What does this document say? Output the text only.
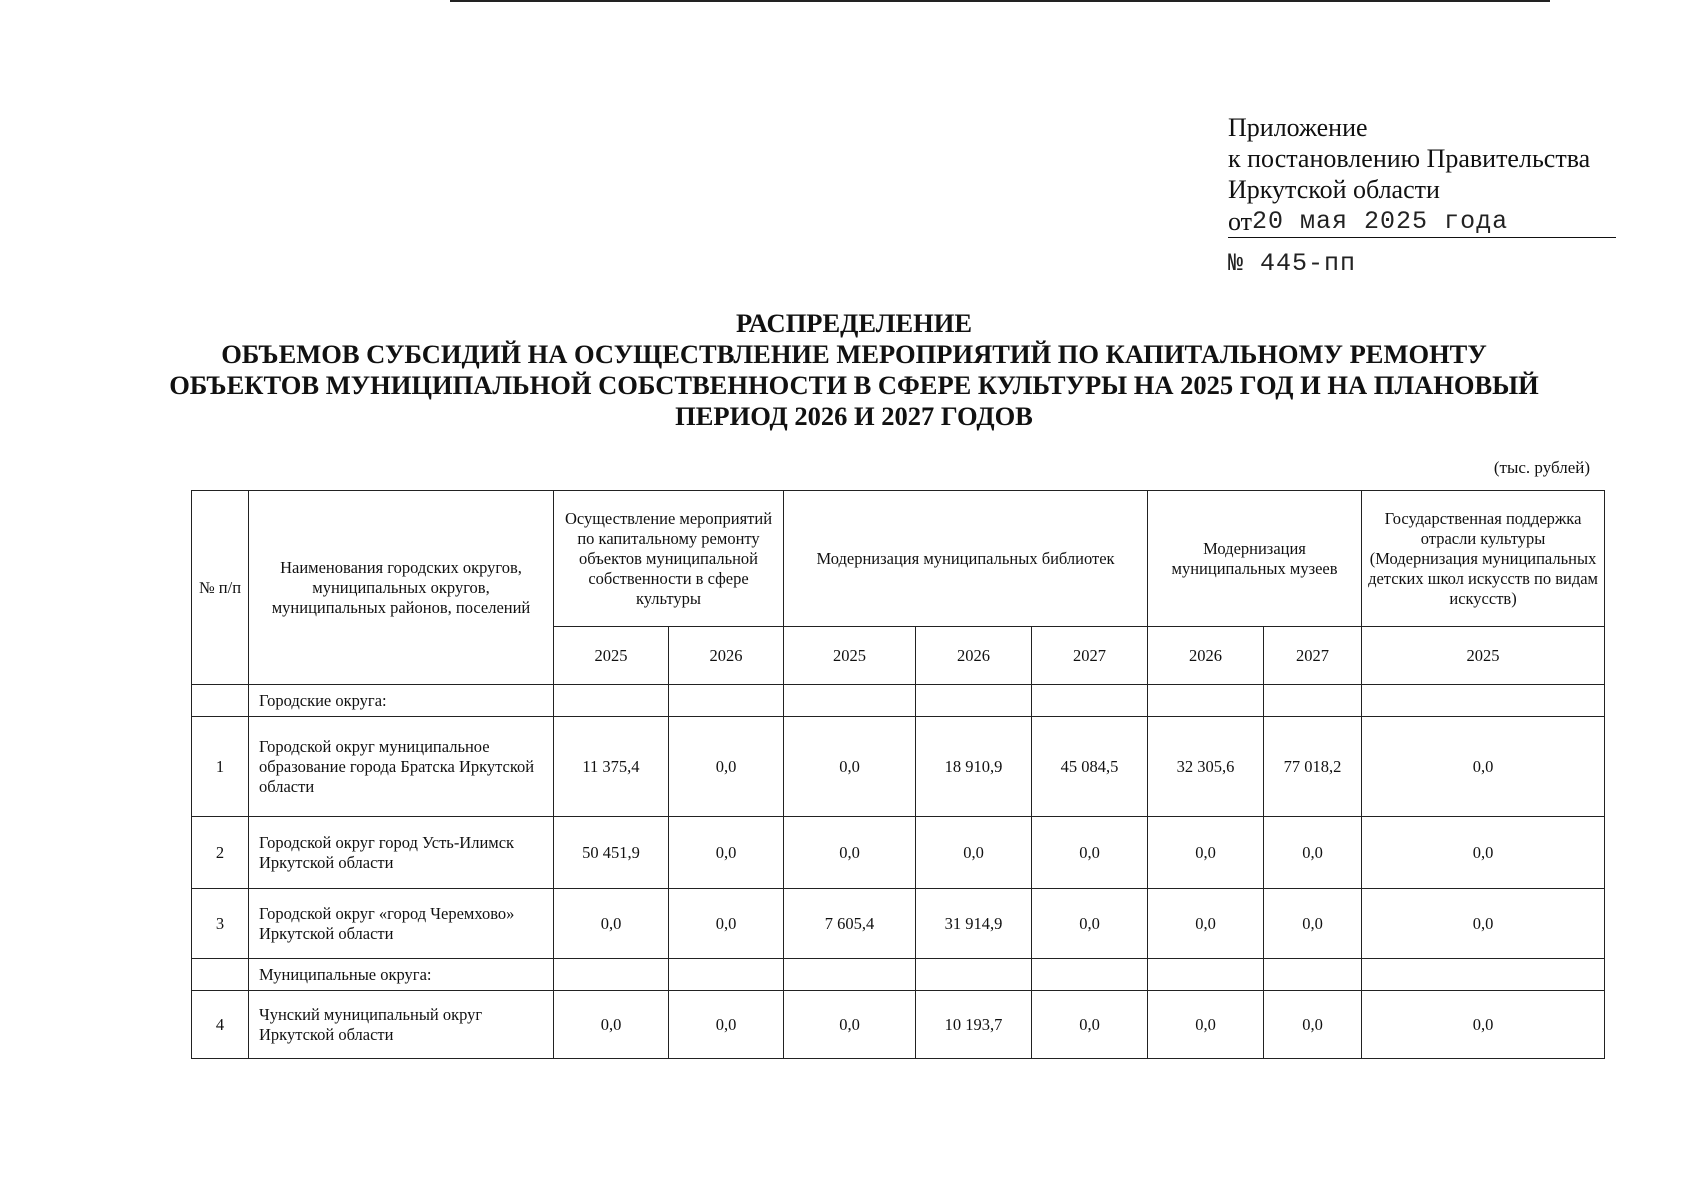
Приложение
к постановлению Правительства
Иркутской области
от 20 мая 2025 года
№ 445-пп
РАСПРЕДЕЛЕНИЕ
ОБЪЕМОВ СУБСИДИЙ НА ОСУЩЕСТВЛЕНИЕ МЕРОПРИЯТИЙ ПО КАПИТАЛЬНОМУ РЕМОНТУ
ОБЪЕКТОВ МУНИЦИПАЛЬНОЙ СОБСТВЕННОСТИ В СФЕРЕ КУЛЬТУРЫ НА 2025 ГОД И НА ПЛАНОВЫЙ
ПЕРИОД 2026 И 2027 ГОДОВ
(тыс. рублей)
№ п/п	Наименования городских округов, муниципальных округов, муниципальных районов, поселений	Осуществление мероприятий по капитальному ремонту объектов муниципальной собственности в сфере культуры		Модернизация муниципальных библиотек			Модернизация муниципальных музеев		Государственная поддержка отрасли культуры (Модернизация муниципальных детских школ искусств по видам искусств)
		2025	2026	2025	2026	2027	2026	2027	2025
	Городские округа:								
1	Городской округ муниципальное образование города Братска Иркутской области	11 375,4	0,0	0,0	18 910,9	45 084,5	32 305,6	77 018,2	0,0
2	Городской округ город Усть-Илимск Иркутской области	50 451,9	0,0	0,0	0,0	0,0	0,0	0,0	0,0
3	Городской округ «город Черемхово» Иркутской области	0,0	0,0	7 605,4	31 914,9	0,0	0,0	0,0	0,0
	Муниципальные округа:								
4	Чунский муниципальный округ Иркутской области	0,0	0,0	0,0	10 193,7	0,0	0,0	0,0	0,0
